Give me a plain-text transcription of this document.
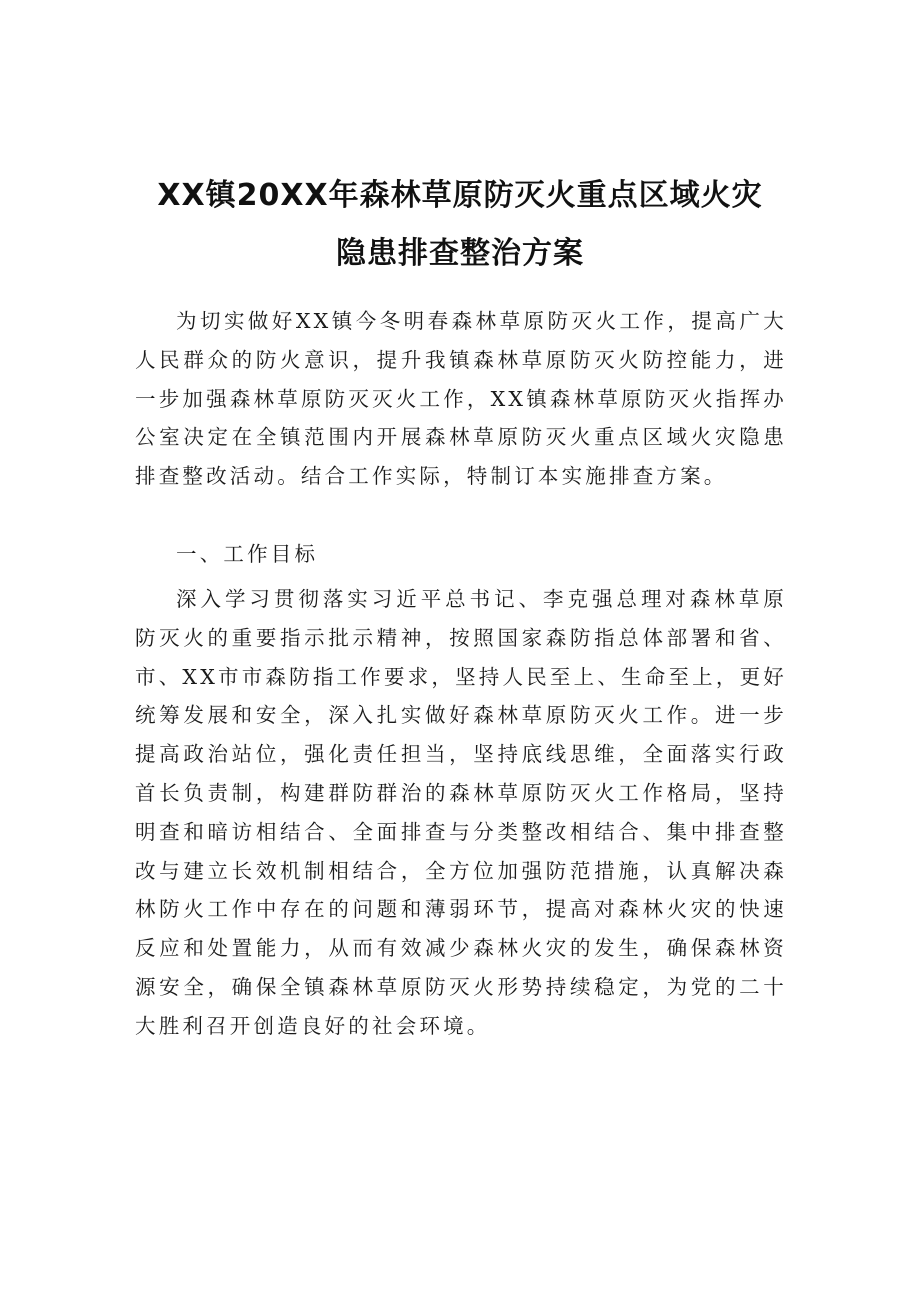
XX镇20XX年森林草原防灭火重点区域火灾
隐患排查整治方案

为切实做好XX镇今冬明春森林草原防灭火工作，提高广大人民群众的防火意识，提升我镇森林草原防灭火防控能力，进一步加强森林草原防灭灭火工作，XX镇森林草原防灭火指挥办公室决定在全镇范围内开展森林草原防灭火重点区域火灾隐患排查整改活动。结合工作实际，特制订本实施排查方案。

一、工作目标

深入学习贯彻落实习近平总书记、李克强总理对森林草原防灭火的重要指示批示精神，按照国家森防指总体部署和省、市、XX市市森防指工作要求，坚持人民至上、生命至上，更好统筹发展和安全，深入扎实做好森林草原防灭火工作。进一步提高政治站位，强化责任担当，坚持底线思维，全面落实行政首长负责制，构建群防群治的森林草原防灭火工作格局，坚持明查和暗访相结合、全面排查与分类整改相结合、集中排查整改与建立长效机制相结合，全方位加强防范措施，认真解决森林防火工作中存在的问题和薄弱环节，提高对森林火灾的快速反应和处置能力，从而有效减少森林火灾的发生，确保森林资源安全，确保全镇森林草原防灭火形势持续稳定，为党的二十大胜利召开创造良好的社会环境。
